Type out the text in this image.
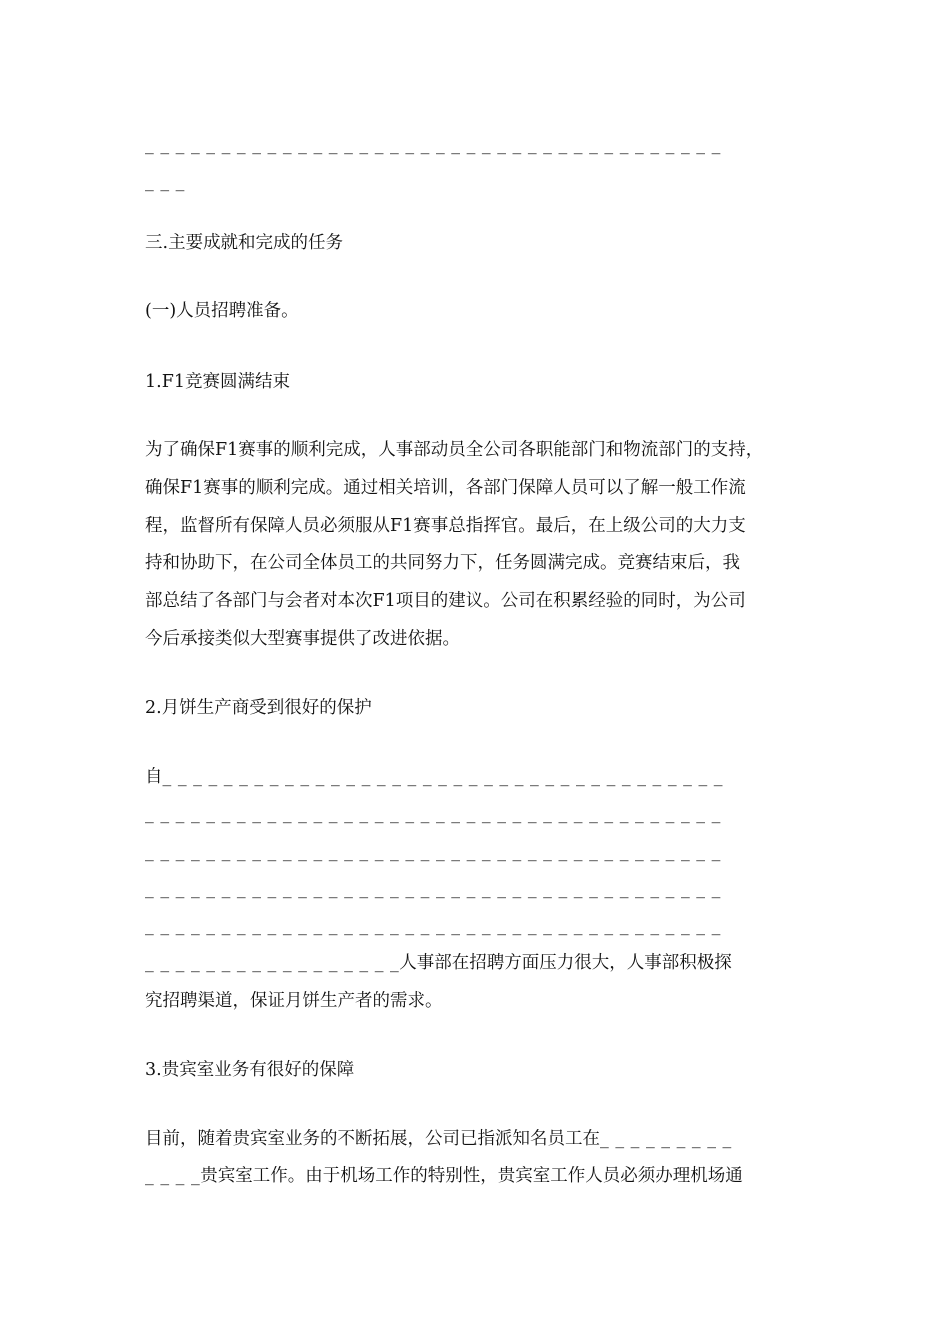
_ _ _ _ _ _ _ _ _ _ _ _ _ _ _ _ _ _ _ _ _ _ _ _ _ _ _ _ _ _ _ _ _ _ _ _ _ _
_ _ _
三.主要成就和完成的任务
(一)人员招聘准备。
1.F1竞赛圆满结束
为了确保F1赛事的顺利完成，人事部动员全公司各职能部门和物流部门的支持，
确保F1赛事的顺利完成。通过相关培训，各部门保障人员可以了解一般工作流
程，监督所有保障人员必须服从F1赛事总指挥官。最后，在上级公司的大力支
持和协助下，在公司全体员工的共同努力下，任务圆满完成。竞赛结束后，我
部总结了各部门与会者对本次F1项目的建议。公司在积累经验的同时，为公司
今后承接类似大型赛事提供了改进依据。
2.月饼生产商受到很好的保护
自_ _ _ _ _ _ _ _ _ _ _ _ _ _ _ _ _ _ _ _ _ _ _ _ _ _ _ _ _ _ _ _ _ _ _ _ _
_ _ _ _ _ _ _ _ _ _ _ _ _ _ _ _ _ _ _ _ _ _ _ _ _ _ _ _ _ _ _ _ _ _ _ _ _ _
_ _ _ _ _ _ _ _ _ _ _ _ _ _ _ _ _ _ _ _ _ _ _ _ _ _ _ _ _ _ _ _ _ _ _ _ _ _
_ _ _ _ _ _ _ _ _ _ _ _ _ _ _ _ _ _ _ _ _ _ _ _ _ _ _ _ _ _ _ _ _ _ _ _ _ _
_ _ _ _ _ _ _ _ _ _ _ _ _ _ _ _ _ _ _ _ _ _ _ _ _ _ _ _ _ _ _ _ _ _ _ _ _ _
_ _ _ _ _ _ _ _ _ _ _ _ _ _ _ _ _人事部在招聘方面压力很大，人事部积极探
究招聘渠道，保证月饼生产者的需求。
3.贵宾室业务有很好的保障
目前，随着贵宾室业务的不断拓展，公司已指派知名员工在_ _ _ _ _ _ _ _ _
_ _ _ _贵宾室工作。由于机场工作的特别性，贵宾室工作人员必须办理机场通
